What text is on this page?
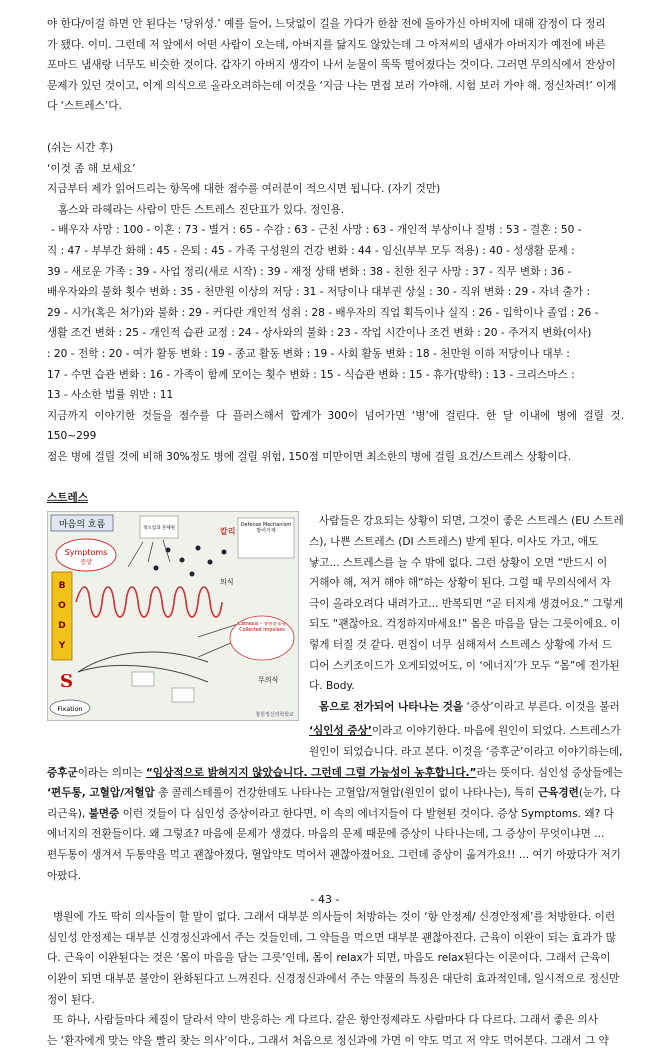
야 한다/이걸 하면 안 된다는 ‘당위성.’ 예를 들어, 느닷없이 길을 가다가 한참 전에 돌아가신 아버지에 대해 감정이 다 정리

가 됐다. 이미. 그런데 저 앞에서 어떤 사람이 오는데, 아버지를 닮지도 않았는데 그 아저씨의 냄새가 아버지가 예전에 바른

포마드 냄새랑 너무도 비슷한 것이다. 갑자기 아버지 생각이 나서 눈물이 뚝뚝 떨어졌다는 것이다. 그러면 무의식에서 잔상이

문제가 있던 것이고, 이게 의식으로 올라오려하는데 이것을 ‘지금 나는 면접 보러 가야해. 시험 보러 가야 해. 정신차려!’ 이게

다 ‘스트레스’다.

(쉬는 시간 후)

‘이것 좀 해 보세요’

지금부터 제가 읽어드리는 항목에 대한 점수를 여러분이 적으시면 됩니다. (자기 것만)

홈스와 라헤라는 사람이 만든 스트레스 진단표가 있다. 정인용.

- 배우자 사망 : 100 - 이혼 : 73 - 별거 : 65 - 수감 : 63 - 근친 사망 : 63 - 개인적 부상이나 질병 : 53 - 결혼 : 50 -

직 : 47 - 부부간 화해 : 45 - 은퇴 : 45 - 가족 구성원의 건강 변화 : 44 - 임신(부부 모두 적용) : 40 - 성생활 문제 :

39 - 새로운 가족 : 39 - 사업 정리(새로 시작) : 39 - 재정 상태 변화 : 38 - 친한 친구 사망 : 37 - 직무 변화 : 36 -

배우자와의 불화 횟수 변화 : 35 - 천만원 이상의 저당 : 31 - 저당이나 대부권 상실 : 30 - 직위 변화 : 29 - 자녀 출가 :

29 - 시가(혹은 처가)와 불화 : 29 - 커다란 개인적 성취 : 28 - 배우자의 직업 획득이나 실직 : 26 - 입학이나 졸업 : 26 -

생활 조건 변화 : 25 - 개인적 습관 교정 : 24 - 상사와의 불화 : 23 - 작업 시간이나 조건 변화 : 20 - 주거지 변화(이사)

: 20 - 전학 : 20 - 여가 활동 변화 : 19 - 종교 활동 변화 : 19 - 사회 활동 변화 : 18 - 천만원 이하 저당이나 대부 :

17 - 수면 습관 변화 : 16 - 가족이 함께 모이는 횟수 변화 : 15 - 식습관 변화 : 15 - 휴가(방학) : 13 - 크리스마스 :

13 - 사소한 법률 위반 : 11

지금까지 이야기한 것들을 점수를 다 플러스해서 합계가 300이 넘어가면 ‘병’에 걸린다. 한 달 이내에 병에 걸릴 것. 150~299

점은 병에 걸릴 것에 비해 30%정도 병에 걸릴 위험, 150점 미만이면 최소한의 병에 걸릴 요건/스트레스 상황이다.

스트레스
마음의 흐름	정오업과 본체원
Symptoms
증상
B
O
D
Y
칼리
Defense Mechanism 방어기제
의식
Cathexis - 생명충동들 Collected Impulses
무의식
S
Fixation
창원정신의학학교

사람들은 강요되는 상황이 되면, 그것이 좋은 스트레스 (EU 스트레

스), 나쁜 스트레스 (DI 스트레스) 받게 된다. 이사도 가고, 애도

낳고... 스트레스를 늘 수 밖에 없다. 그런 상황이 오면 “반드시 이

거해야 해, 저거 해야 해”하는 상황이 된다. 그럴 때 무의식에서 자

극이 올라오려다 내려가고... 반복되면 “곧 터지게 생겼어요.” 그렇게

되도 “괜찮아요. 걱정하지마세요!” 몸은 마음을 담는 그릇이에요. 이

렇게 터질 것 같다. 편집이 너무 심해져서 스트레스 상황에 가서 드

디어 스키조이드가 오게되었어도, 이 ‘에너지’가 모두 “몸”에 전가된

다. Body.

몸으로 전가되어 나타나는 것을 ‘증상’이라고 부른다. 이것을 불러

‘심인성 증상’이라고 이야기한다. 마음에 원인이 되었다. 스트레스가

원인이 되었습니다. 라고 본다. 이것을 ‘증후군’이라고 이야기하는데,

증후군이라는 의미는 “임상적으로 밝혀지지 않았습니다. 그런데 그럴 가능성이 농후합니다.”라는 뜻이다. 심인성 증상들에는

‘편두통, 고혈압/저혈압 총 콜레스테롤이 건강한데도 나타나는 고혈압/저혈압(원인이 없이 나타나는), 특히 근육경련(눈가, 다

리근육), 불면증 이런 것들이 다 심인성 증상이라고 한다면, 이 속의 에너지들이 다 발현된 것이다. 증상 Symptoms. 왜? 다

에너지의 전환들이다. 왜 그렇죠? 마음에 문제가 생겼다. 마음의 문제 때문에 증상이 나타나는데, 그 증상이 무엇이냐면 ...

편두통이 생겨서 두통약을 먹고 괜찮아졌다, 혈압약도 먹어서 괜찮아졌어요. 그런데 증상이 옮겨가요!! ... 여기 아팠다가 저기

아팠다.

병원에 가도 딱히 의사들이 할 말이 없다. 그래서 대부분 의사들이 처방하는 것이 ‘항 안정제/ 신경안정제’를 처방한다. 이런

심인성 안정제는 대부분 신경정신과에서 주는 것들인데, 그 약들을 먹으면 대부분 괜찮아진다. 근육이 이완이 되는 효과가 많

다. 근육이 이완된다는 것은 ‘몸이 마음을 담는 그릇’인데, 몸이 relax가 되면, 마음도 relax된다는 이론이다. 그래서 근육이

이완이 되면 대부분 불안이 완화된다고 느껴진다. 신경정신과에서 주는 약물의 특징은 대단히 효과적인데, 일시적으로 정신만

정이 된다.

또 하나, 사람들마다 체질이 달라서 약이 반응하는 게 다르다. 같은 항안정제라도 사람마다 다 다르다. 그래서 좋은 의사

는 ‘환자에게 맞는 약을 빨리 찾는 의사’이다., 그래서 처음으로 정신과에 가면 이 약도 먹고 저 약도 먹어본다. 그래서 그 약

- 43 -
